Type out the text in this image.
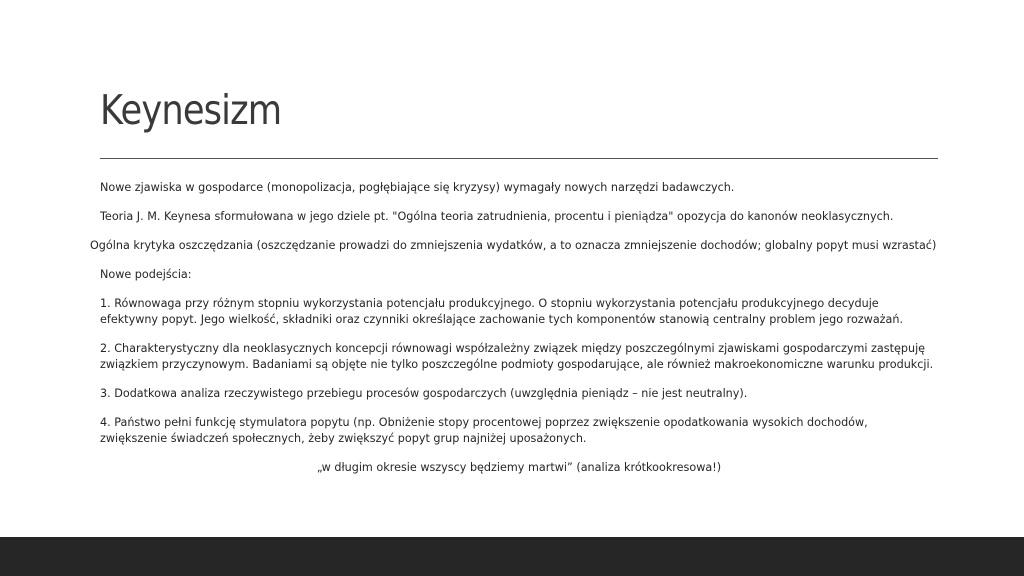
Keynesizm

Nowe zjawiska w gospodarce (monopolizacja, pogłębiające się kryzysy) wymagały nowych narzędzi badawczych.

Teoria J. M. Keynesa sformułowana w jego dziele pt. "Ogólna teoria zatrudnienia, procentu i pieniądza" opozycja do kanonów neoklasycznych.

Ogólna krytyka oszczędzania (oszczędzanie prowadzi do zmniejszenia wydatków, a to oznacza zmniejszenie dochodów; globalny popyt musi wzrastać)

Nowe podejścia:

1. Równowaga przy różnym stopniu wykorzystania potencjału produkcyjnego. O stopniu wykorzystania potencjału produkcyjnego decyduje efektywny popyt. Jego wielkość, składniki oraz czynniki określające zachowanie tych komponentów stanowią centralny problem jego rozważań.

2. Charakterystyczny dla neoklasycznych koncepcji równowagi współzależny związek między poszczególnymi zjawiskami gospodarczymi zastępuję związkiem przyczynowym. Badaniami są objęte nie tylko poszczególne podmioty gospodarujące, ale również makroekonomiczne warunku produkcji.

3. Dodatkowa analiza rzeczywistego przebiegu procesów gospodarczych (uwzględnia pieniądz – nie jest neutralny).

4. Państwo pełni funkcję stymulatora popytu (np. Obniżenie stopy procentowej poprzez zwiększenie opodatkowania wysokich dochodów, zwiększenie świadczeń społecznych, żeby zwiększyć popyt grup najniżej uposażonych.

„w długim okresie wszyscy będziemy martwi” (analiza krótkookresowa!)
